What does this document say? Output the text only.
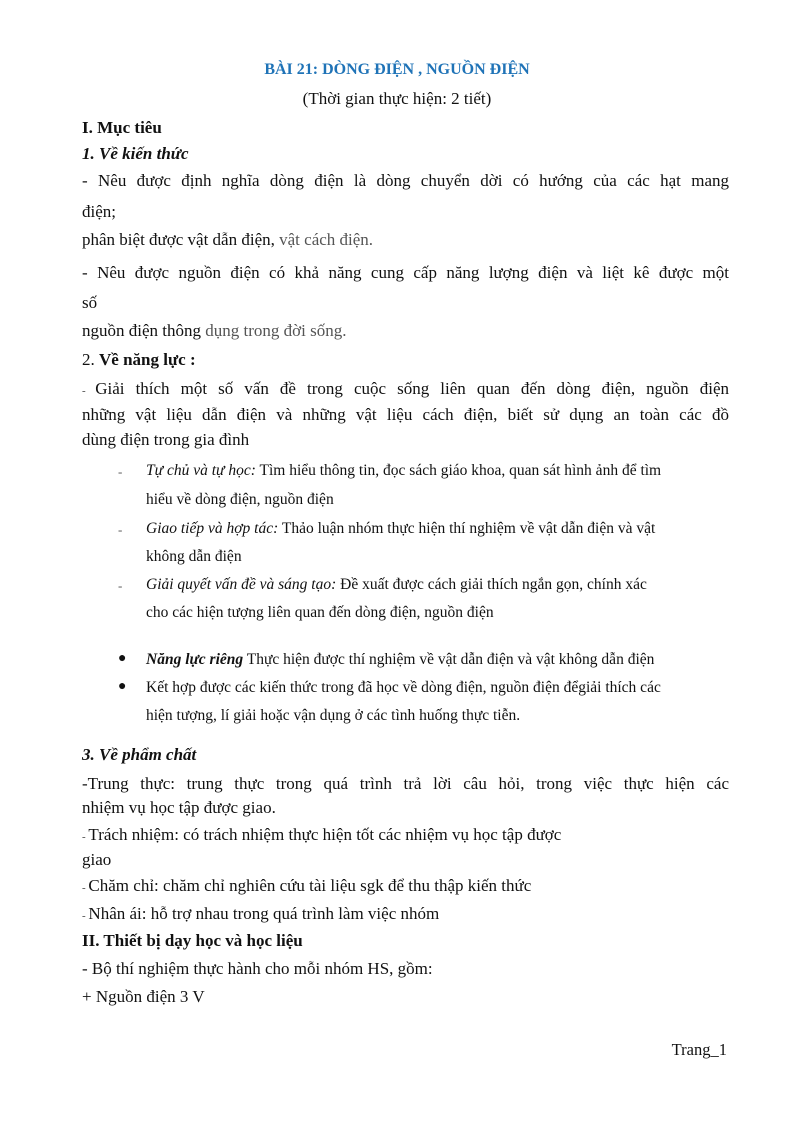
BÀI 21: DÒNG ĐIỆN , NGUỒN ĐIỆN
(Thời gian thực hiện: 2 tiết)
I. Mục tiêu
1. Về kiến thức
- Nêu được định nghĩa dòng điện là dòng chuyển dời có hướng của các hạt mang
điện;
phân biệt được vật dẫn điện, vật cách điện.
- Nêu được nguồn điện có khả năng cung cấp năng lượng điện và liệt kê được một
số
nguồn điện thông dụng trong đời sống.
2. Về năng lực :
- Giải thích một số vấn đề trong cuộc sống liên quan đến dòng điện, nguồn điện
những vật liệu dẫn điện và những vật liệu cách điện, biết sử dụng an toàn các đồ
dùng điện trong gia đình
- Tự chủ và tự học: Tìm hiểu thông tin, đọc sách giáo khoa, quan sát hình ảnh để tìm
hiểu về dòng điện, nguồn điện
- Giao tiếp và hợp tác: Thảo luận nhóm thực hiện thí nghiệm về vật dẫn điện và vật
không dẫn điện
- Giải quyết vấn đề và sáng tạo: Đề xuất được cách giải thích ngắn gọn, chính xác
cho các hiện tượng liên quan đến dòng điện, nguồn điện
● Năng lực riêng Thực hiện được thí nghiệm về vật dẫn điện và vật không dẫn điện
● Kết hợp được các kiến thức trong đã học về dòng điện, nguồn điện đểgiải thích các
hiện tượng, lí giải hoặc vận dụng ở các tình huống thực tiễn.
3. Về phẩm chất
-Trung thực: trung thực trong quá trình trả lời câu hỏi, trong việc thực hiện các
nhiệm vụ học tập được giao.
- Trách nhiệm: có trách nhiệm thực hiện tốt các nhiệm vụ học tập được
giao
- Chăm chỉ: chăm chỉ nghiên cứu tài liệu sgk để thu thập kiến thức
- Nhân ái: hỗ trợ nhau trong quá trình làm việc nhóm
II. Thiết bị dạy học và học liệu
- Bộ thí nghiệm thực hành cho mỗi nhóm HS, gồm:
+ Nguồn điện 3 V
Trang_1
